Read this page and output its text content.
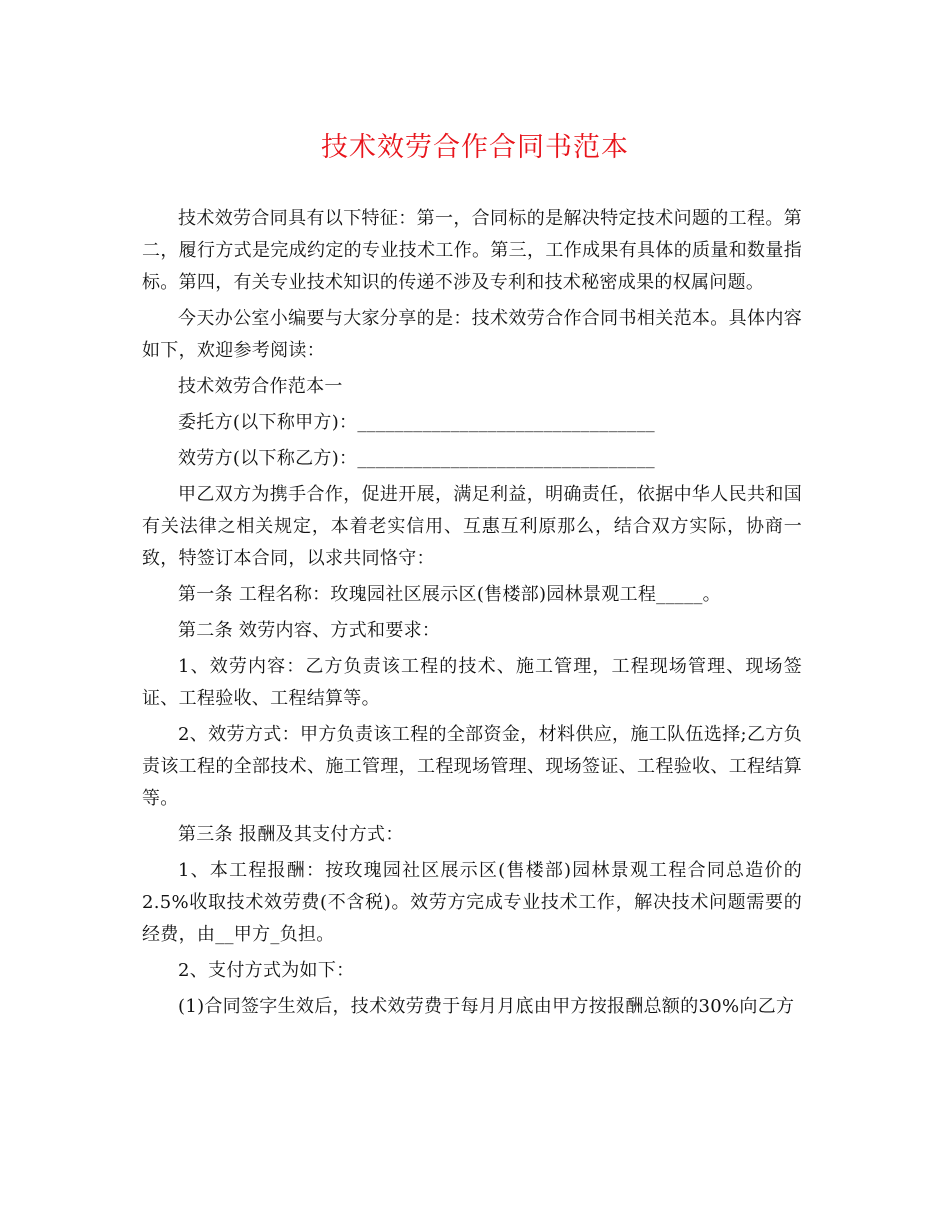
技术效劳合作合同书范本

技术效劳合同具有以下特征：第一，合同标的是解决特定技术问题的工程。第二，履行方式是完成约定的专业技术工作。第三，工作成果有具体的质量和数量指标。第四，有关专业技术知识的传递不涉及专利和技术秘密成果的权属问题。

今天办公室小编要与大家分享的是：技术效劳合作合同书相关范本。具体内容如下，欢迎参考阅读：

技术效劳合作范本一

委托方(以下称甲方)：________________________________

效劳方(以下称乙方)：________________________________

甲乙双方为携手合作，促进开展，满足利益，明确责任，依据中华人民共和国有关法律之相关规定，本着老实信用、互惠互利原那么，结合双方实际，协商一致，特签订本合同，以求共同恪守：

第一条 工程名称：玫瑰园社区展示区(售楼部)园林景观工程_____。

第二条 效劳内容、方式和要求：

1、效劳内容：乙方负责该工程的技术、施工管理，工程现场管理、现场签证、工程验收、工程结算等。

2、效劳方式：甲方负责该工程的全部资金，材料供应，施工队伍选择;乙方负责该工程的全部技术、施工管理，工程现场管理、现场签证、工程验收、工程结算等。

第三条 报酬及其支付方式：

1、本工程报酬：按玫瑰园社区展示区(售楼部)园林景观工程合同总造价的2.5%收取技术效劳费(不含税)。效劳方完成专业技术工作，解决技术问题需要的经费，由__甲方_负担。

2、支付方式为如下：

(1)合同签字生效后，技术效劳费于每月月底由甲方按报酬总额的30%向乙方
